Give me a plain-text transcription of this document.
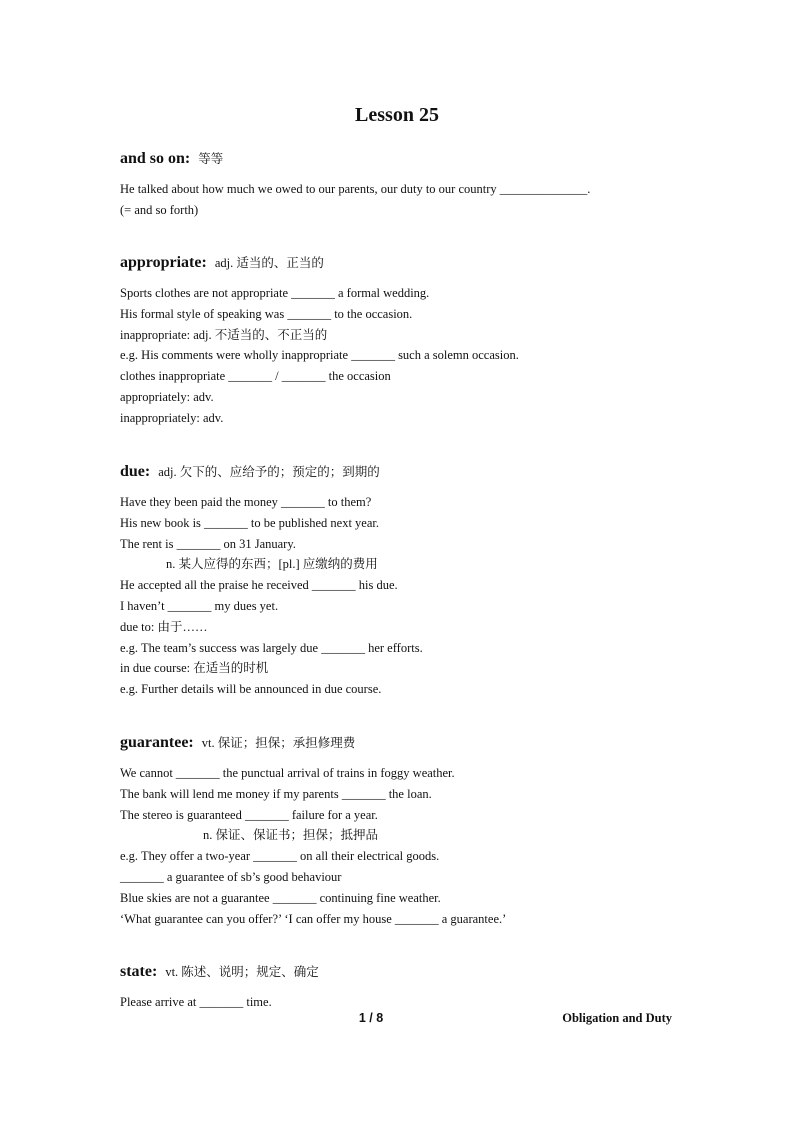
Lesson 25
and so on: 等等
He talked about how much we owed to our parents, our duty to our country ______________.
(= and so forth)
appropriate: adj. 适当的、正当的
Sports clothes are not appropriate _______ a formal wedding.
His formal style of speaking was _______ to the occasion.
inappropriate: adj. 不适当的、不正当的
e.g. His comments were wholly inappropriate _______ such a solemn occasion.
clothes inappropriate _______ / _______ the occasion
appropriately: adv.
inappropriately: adv.
due: adj. 欠下的、应给予的；预定的；到期的
Have they been paid the money _______ to them?
His new book is _______ to be published next year.
The rent is _______ on 31 January.
n. 某人应得的东西；[pl.] 应缴纳的费用
He accepted all the praise he received _______ his due.
I haven’t _______ my dues yet.
due to: 由于……
e.g. The team’s success was largely due _______ her efforts.
in due course: 在适当的时机
e.g. Further details will be announced in due course.
guarantee: vt. 保证；担保；承担修理费
We cannot _______ the punctual arrival of trains in foggy weather.
The bank will lend me money if my parents _______ the loan.
The stereo is guaranteed _______ failure for a year.
n. 保证、保证书；担保；抵押品
e.g. They offer a two-year _______ on all their electrical goods.
_______ a guarantee of sb’s good behaviour
Blue skies are not a guarantee _______ continuing fine weather.
‘What guarantee can you offer?’ ‘I can offer my house _______ a guarantee.’
state: vt. 陈述、说明；规定、确定
Please arrive at _______ time.
1 / 8	Obligation and Duty
